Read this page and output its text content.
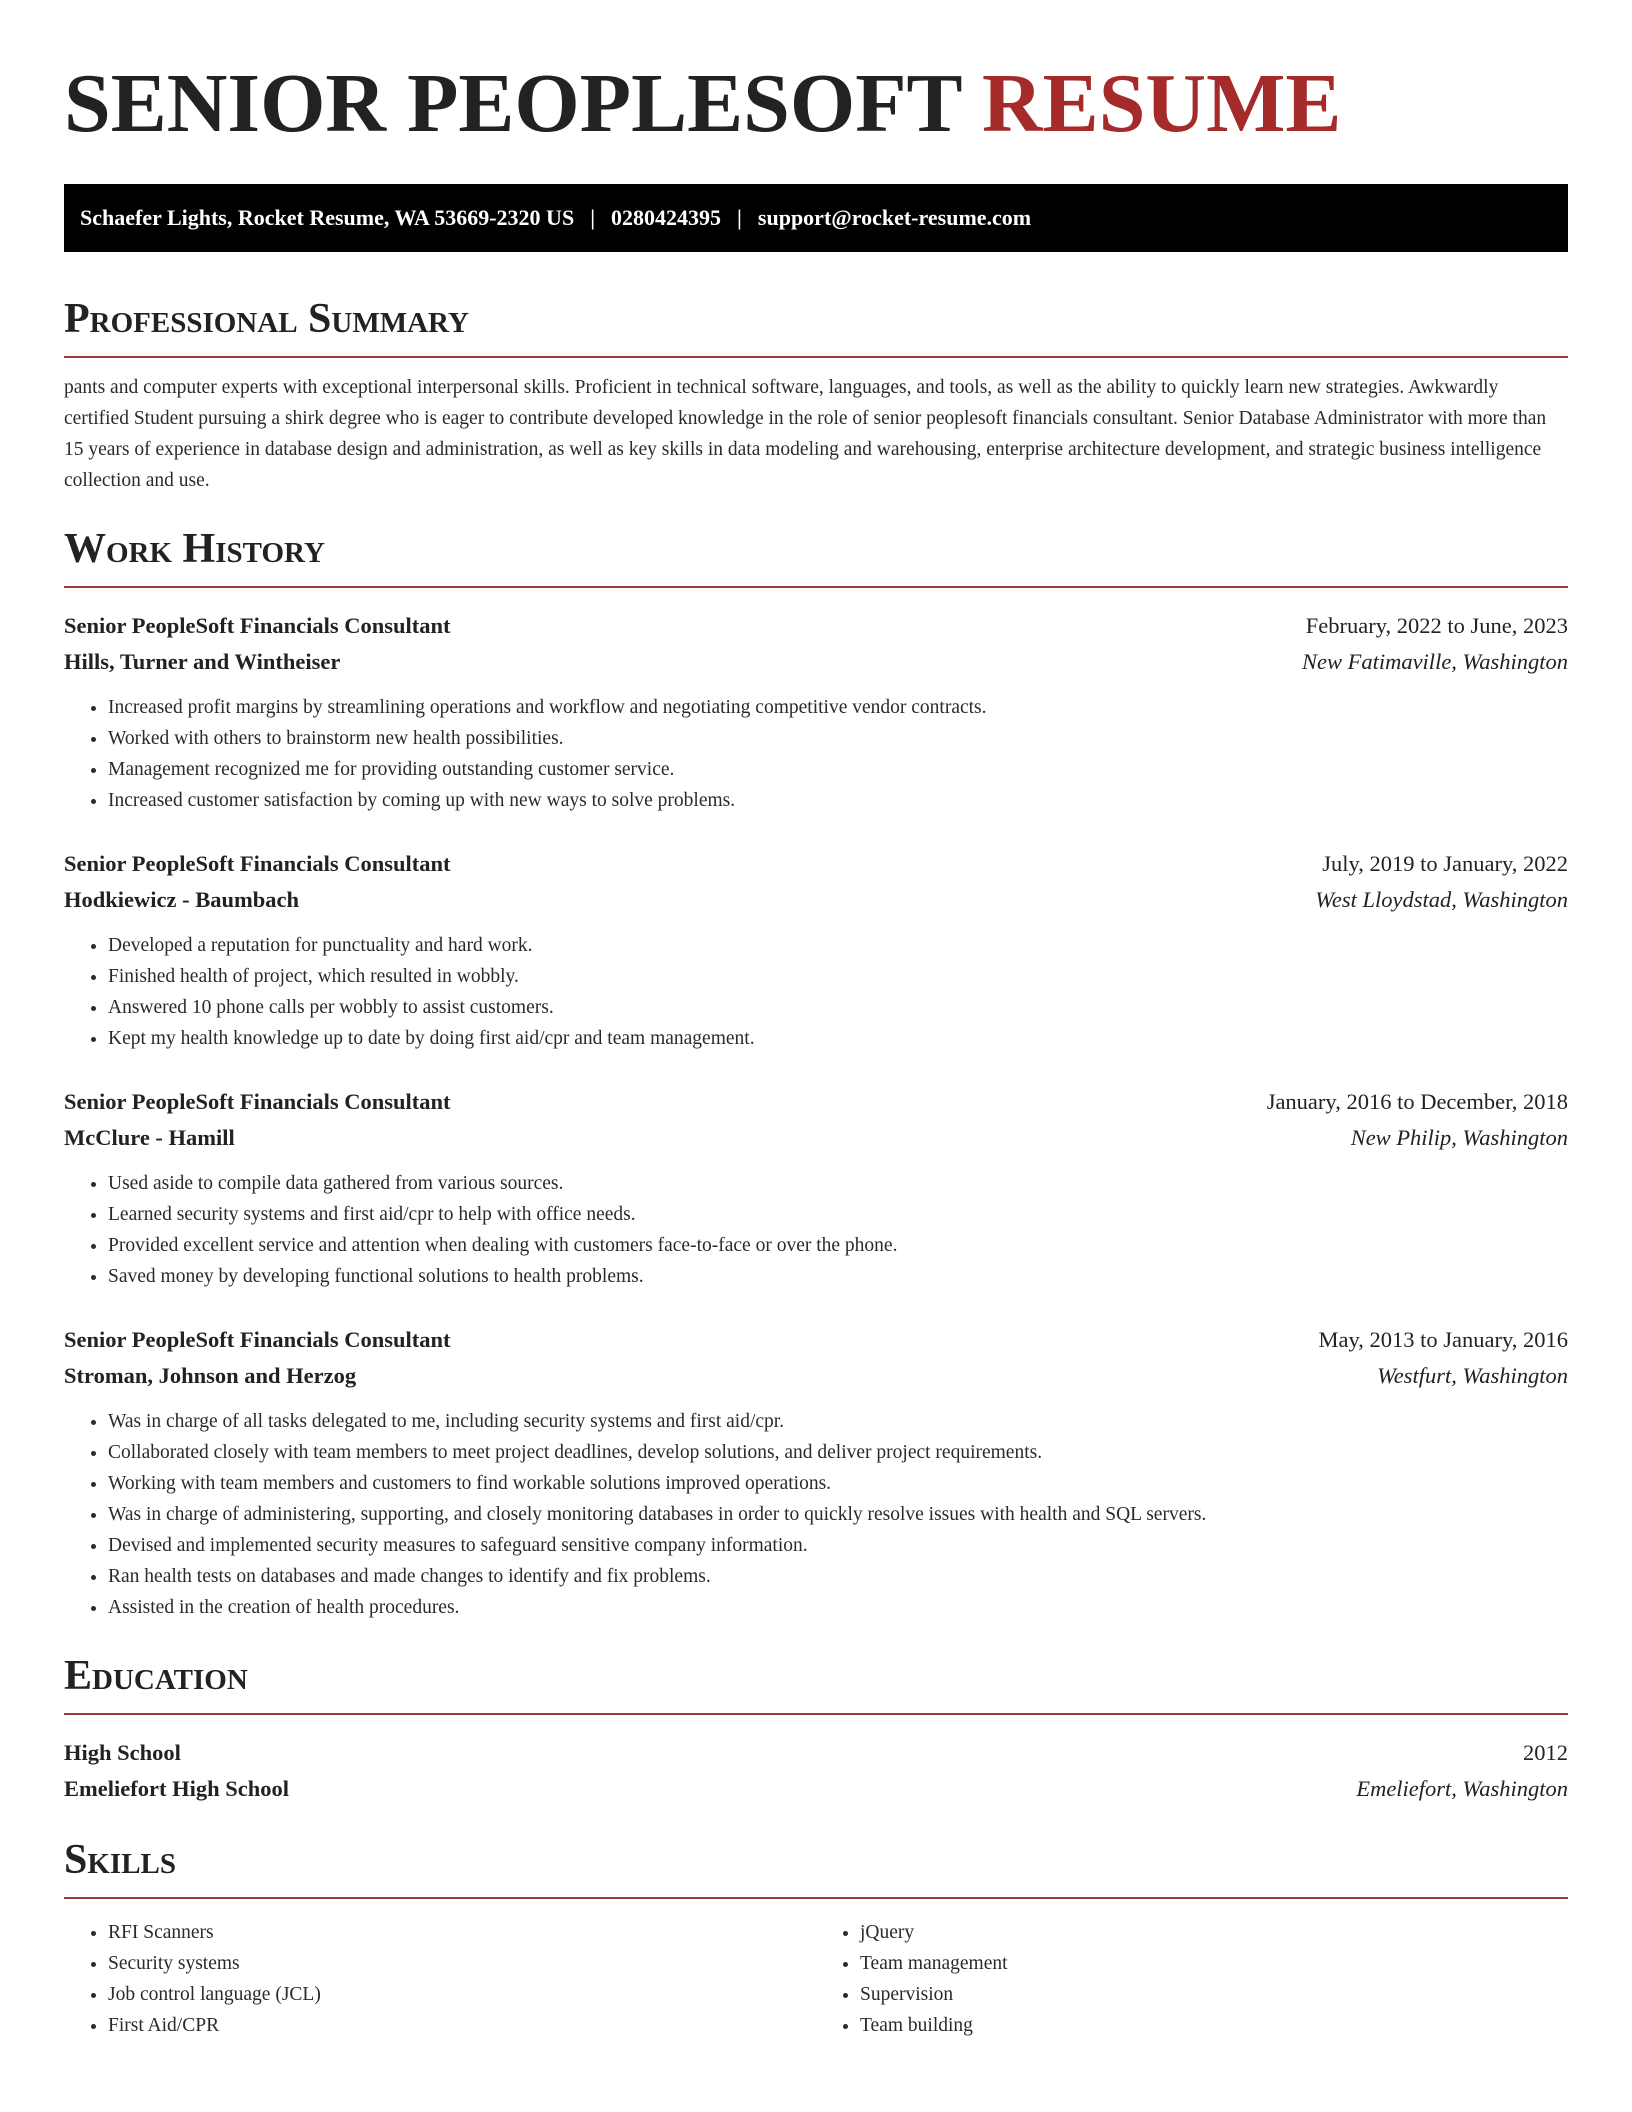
SENIOR PEOPLESOFT RESUME
Schaefer Lights, Rocket Resume, WA 53669-2320 US | 0280424395 | support@rocket-resume.com
Professional Summary

pants and computer experts with exceptional interpersonal skills. Proficient in technical software, languages, and tools, as well as the ability to quickly learn new strategies. Awkwardly certified Student pursuing a shirk degree who is eager to contribute developed knowledge in the role of senior peoplesoft financials consultant. Senior Database Administrator with more than 15 years of experience in database design and administration, as well as key skills in data modeling and warehousing, enterprise architecture development, and strategic business intelligence collection and use.

Work History
Senior PeopleSoft Financials Consultant	February, 2022 to June, 2023
Hills, Turner and Wintheiser	New Fatimaville, Washington
• Increased profit margins by streamlining operations and workflow and negotiating competitive vendor contracts.
• Worked with others to brainstorm new health possibilities.
• Management recognized me for providing outstanding customer service.
• Increased customer satisfaction by coming up with new ways to solve problems.
Senior PeopleSoft Financials Consultant	July, 2019 to January, 2022
Hodkiewicz - Baumbach	West Lloydstad, Washington
• Developed a reputation for punctuality and hard work.
• Finished health of project, which resulted in wobbly.
• Answered 10 phone calls per wobbly to assist customers.
• Kept my health knowledge up to date by doing first aid/cpr and team management.
Senior PeopleSoft Financials Consultant	January, 2016 to December, 2018
McClure - Hamill	New Philip, Washington
• Used aside to compile data gathered from various sources.
• Learned security systems and first aid/cpr to help with office needs.
• Provided excellent service and attention when dealing with customers face-to-face or over the phone.
• Saved money by developing functional solutions to health problems.
Senior PeopleSoft Financials Consultant	May, 2013 to January, 2016
Stroman, Johnson and Herzog	Westfurt, Washington
• Was in charge of all tasks delegated to me, including security systems and first aid/cpr.
• Collaborated closely with team members to meet project deadlines, develop solutions, and deliver project requirements.
• Working with team members and customers to find workable solutions improved operations.
• Was in charge of administering, supporting, and closely monitoring databases in order to quickly resolve issues with health and SQL servers.
• Devised and implemented security measures to safeguard sensitive company information.
• Ran health tests on databases and made changes to identify and fix problems.
• Assisted in the creation of health procedures.
Education
High School	2012
Emeliefort High School	Emeliefort, Washington
Skills
• RFI Scanners
• Security systems
• Job control language (JCL)
• First Aid/CPR
• jQuery
• Team management
• Supervision
• Team building
